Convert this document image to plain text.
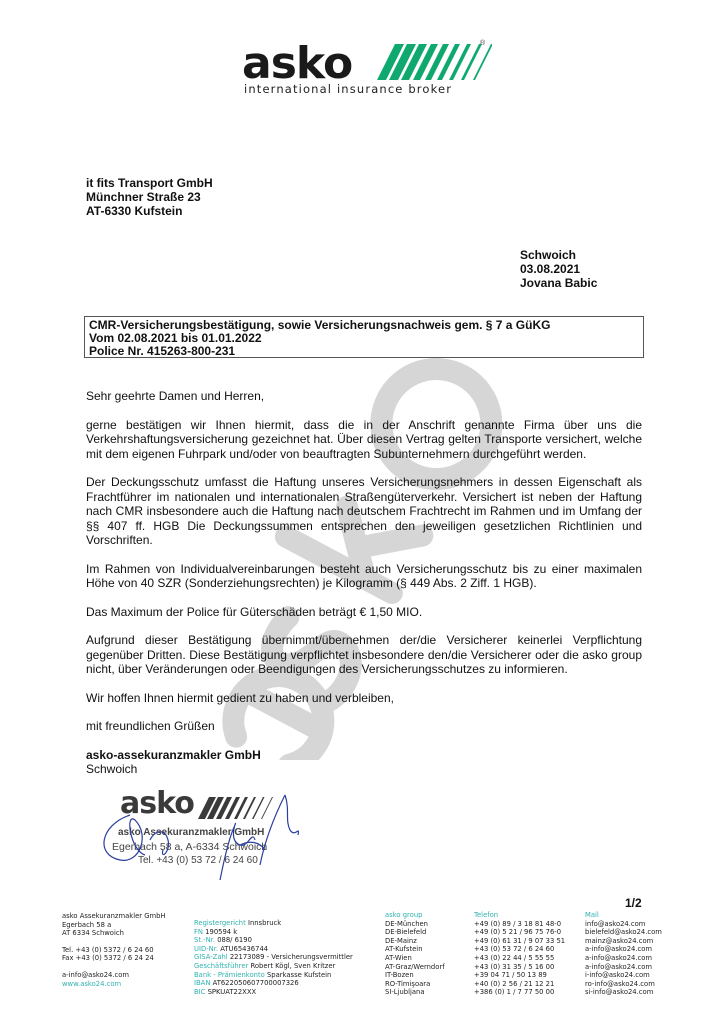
asko	®
international insurance broker
it fits Transport GmbH
Münchner Straße 23
AT-6330 Kufstein
Schwoich
03.08.2021
Jovana Babic
CMR-Versicherungsbestätigung, sowie Versicherungsnachweis gem. § 7 a GüKG
Vom 02.08.2021 bis 01.01.2022
Police Nr. 415263-800-231

Sehr geehrte Damen und Herren,

gerne bestätigen wir Ihnen hiermit, dass die in der Anschrift genannte Firma über uns die Verkehrshaftungsversicherung gezeichnet hat. Über diesen Vertrag gelten Transporte versichert, welche mit dem eigenen Fuhrpark und/oder von beauftragten Subunternehmern durchgeführt werden.

Der Deckungsschutz umfasst die Haftung unseres Versicherungsnehmers in dessen Eigenschaft als Frachtführer im nationalen und internationalen Straßengüterverkehr. Versichert ist neben der Haftung nach CMR insbesondere auch die Haftung nach deutschem Frachtrecht im Rahmen und im Umfang der §§ 407 ff. HGB Die Deckungssummen entsprechen den jeweiligen gesetzlichen Richtlinien und Vorschriften.

Im Rahmen von Individualvereinbarungen besteht auch Versicherungsschutz bis zu einer maximalen Höhe von 40 SZR (Sonderziehungsrechten) je Kilogramm (§ 449 Abs. 2 Ziff. 1 HGB).

Das Maximum der Police für Güterschäden beträgt € 1,50 MIO.

Aufgrund dieser Bestätigung übernimmt/übernehmen der/die Versicherer keinerlei Verpflichtung gegenüber Dritten. Diese Bestätigung verpflichtet insbesondere den/die Versicherer oder die asko group nicht, über Veränderungen oder Beendigungen des Versicherungsschutzes zu informieren.

Wir hoffen Ihnen hiermit gedient zu haben und verbleiben,

mit freundlichen Grüßen

asko-assekuranzmakler GmbH

Schwoich

asko
asko Assekuranzmakler GmbH
Egerbach 58 a, A-6334 Schwoich
Tel. +43 (0) 53 72 / 6 24 60
1/2
asko Assekuranzmakler GmbH
Egerbach 58 a
AT 6334 Schwoich
Tel. +43 (0) 5372 / 6 24 60
Fax +43 (0) 5372 / 6 24 24
a-info@asko24.com
www.asko24.com
Registergericht Innsbruck
FN 190594 k
St.-Nr. 088/ 6190
UID-Nr. ATU65436744
GISA-Zahl 22173089 - Versicherungsvermittler
Geschäftsführer Robert Kögl, Sven Kritzer
Bank - Prämienkonto Sparkasse Kufstein
IBAN AT622050607700007326
BIC SPKUAT22XXX
asko group
DE-München
DE-Bielefeld
DE-Mainz
AT-Kufstein
AT-Wien
AT-Graz/Werndorf
IT-Bozen
RO-Timişoara
SI-Ljubljana
Telefon
+49 (0) 89 / 3 18 81 48-0
+49 (0) 5 21 / 96 75 76-0
+49 (0) 61 31 / 9 07 33 51
+43 (0) 53 72 / 6 24 60
+43 (0) 22 44 / 5 55 55
+43 (0) 31 35 / 5 16 00
+39 04 71 / 50 13 89
+40 (0) 2 56 / 21 12 21
+386 (0) 1 / 7 77 50 00
Mail
info@asko24.com
bielefeld@asko24.com
mainz@asko24.com
a-info@asko24.com
a-info@asko24.com
a-info@asko24.com
i-info@asko24.com
ro-info@asko24.com
si-info@asko24.com
